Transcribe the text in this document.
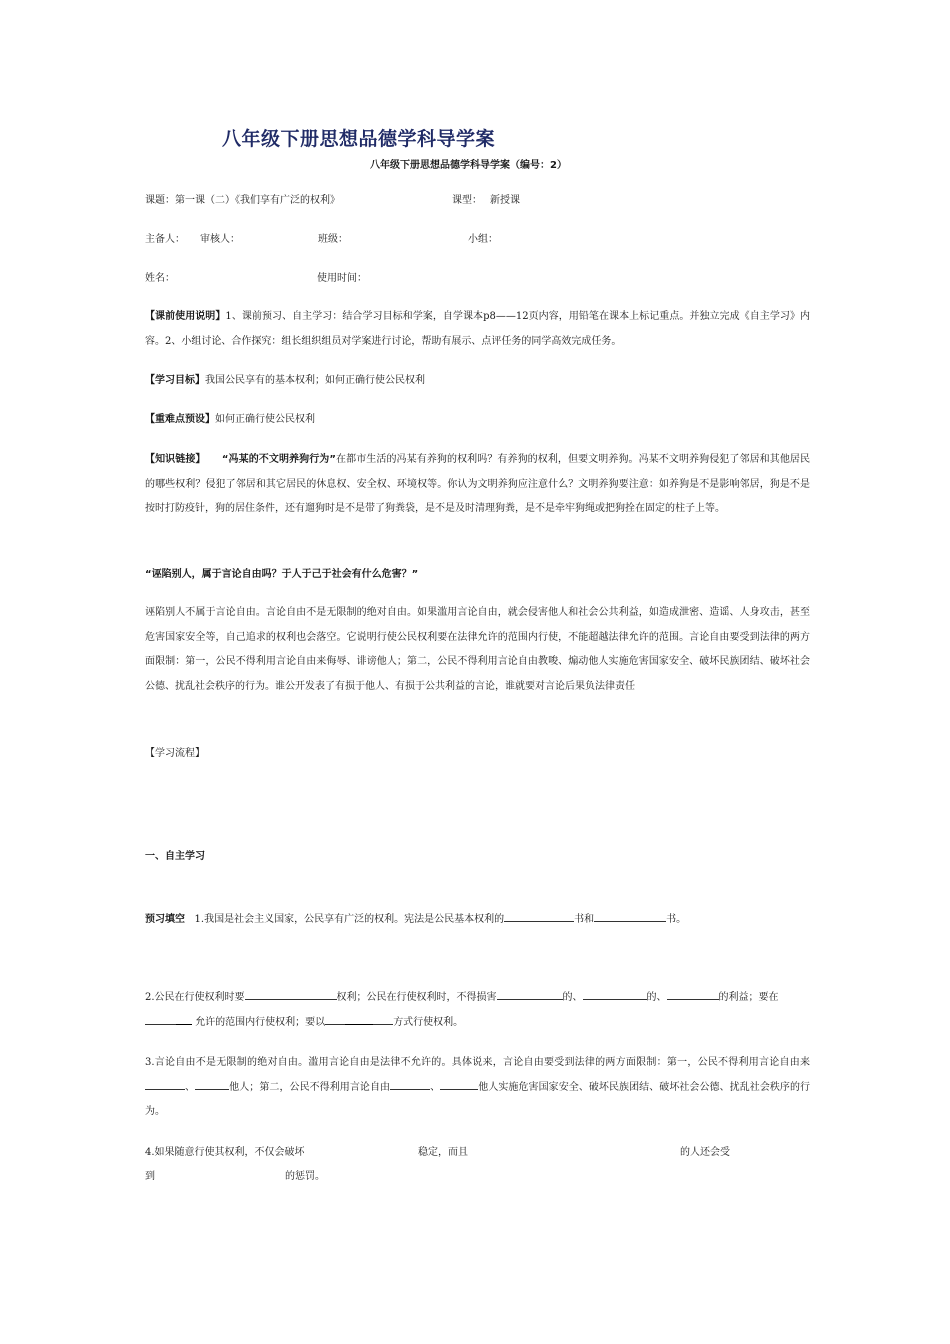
八年级下册思想品德学科导学案
八年级下册思想品德学科导学案（编号：2）
课题：第一课（二）《我们享有广泛的权利》	课型： 新授课
主备人： 审核人：	班级：	小组：
姓名：	使用时间：
【课前使用说明】1、课前预习、自主学习：结合学习目标和学案，自学课本p8——12页内容，用铅笔在课本上标记重点。并独立完成《自主学习》内容。2、小组讨论、合作探究：组长组织组员对学案进行讨论，帮助有展示、点评任务的同学高效完成任务。
【学习目标】我国公民享有的基本权利；如何正确行使公民权利
【重难点预设】如何正确行使公民权利
【知识链接】 “冯某的不文明养狗行为”在都市生活的冯某有养狗的权利吗？有养狗的权利，但要文明养狗。冯某不文明养狗侵犯了邻居和其他居民的哪些权利？侵犯了邻居和其它居民的休息权、安全权、环境权等。你认为文明养狗应注意什么？文明养狗要注意：如养狗是不是影响邻居，狗是不是按时打防疫针，狗的居住条件，还有遛狗时是不是带了狗粪袋，是不是及时清理狗粪，是不是牵牢狗绳或把狗拴在固定的柱子上等。
“诬陷别人，属于言论自由吗？于人于己于社会有什么危害？”
诬陷别人不属于言论自由。言论自由不是无限制的绝对自由。如果滥用言论自由，就会侵害他人和社会公共利益，如造成泄密、造谣、人身攻击，甚至危害国家安全等，自己追求的权利也会落空。它说明行使公民权利要在法律允许的范围内行使，不能超越法律允许的范围。言论自由要受到法律的两方面限制：第一，公民不得利用言论自由来侮辱、诽谤他人；第二，公民不得利用言论自由教唆、煽动他人实施危害国家安全、破坏民族团结、破坏社会公德、扰乱社会秩序的行为。谁公开发表了有损于他人、有损于公共利益的言论，谁就要对言论后果负法律责任
【学习流程】
一、自主学习
预习填空 1.我国是社会主义国家，公民享有广泛的权利。宪法是公民基本权利的	书和	书。
2.公民在行使权利时要	权利；公民在行使权利时，不得损害	的、	的、	的利益；要在
允许的范围内行使权利；要以	方式行使权利。
3.言论自由不是无限制的绝对自由。滥用言论自由是法律不允许的。具体说来，言论自由要受到法律的两方面限制：第一，公民不得利用言论自由来、	他人；第二，公民不得利用言论自由	、	他人实施危害国家安全、破坏民族团结、破坏社会公德、扰乱社会秩序的行为。
4.如果随意行使其权利，不仅会破坏	稳定，而且	的人还会受
到	的惩罚。
